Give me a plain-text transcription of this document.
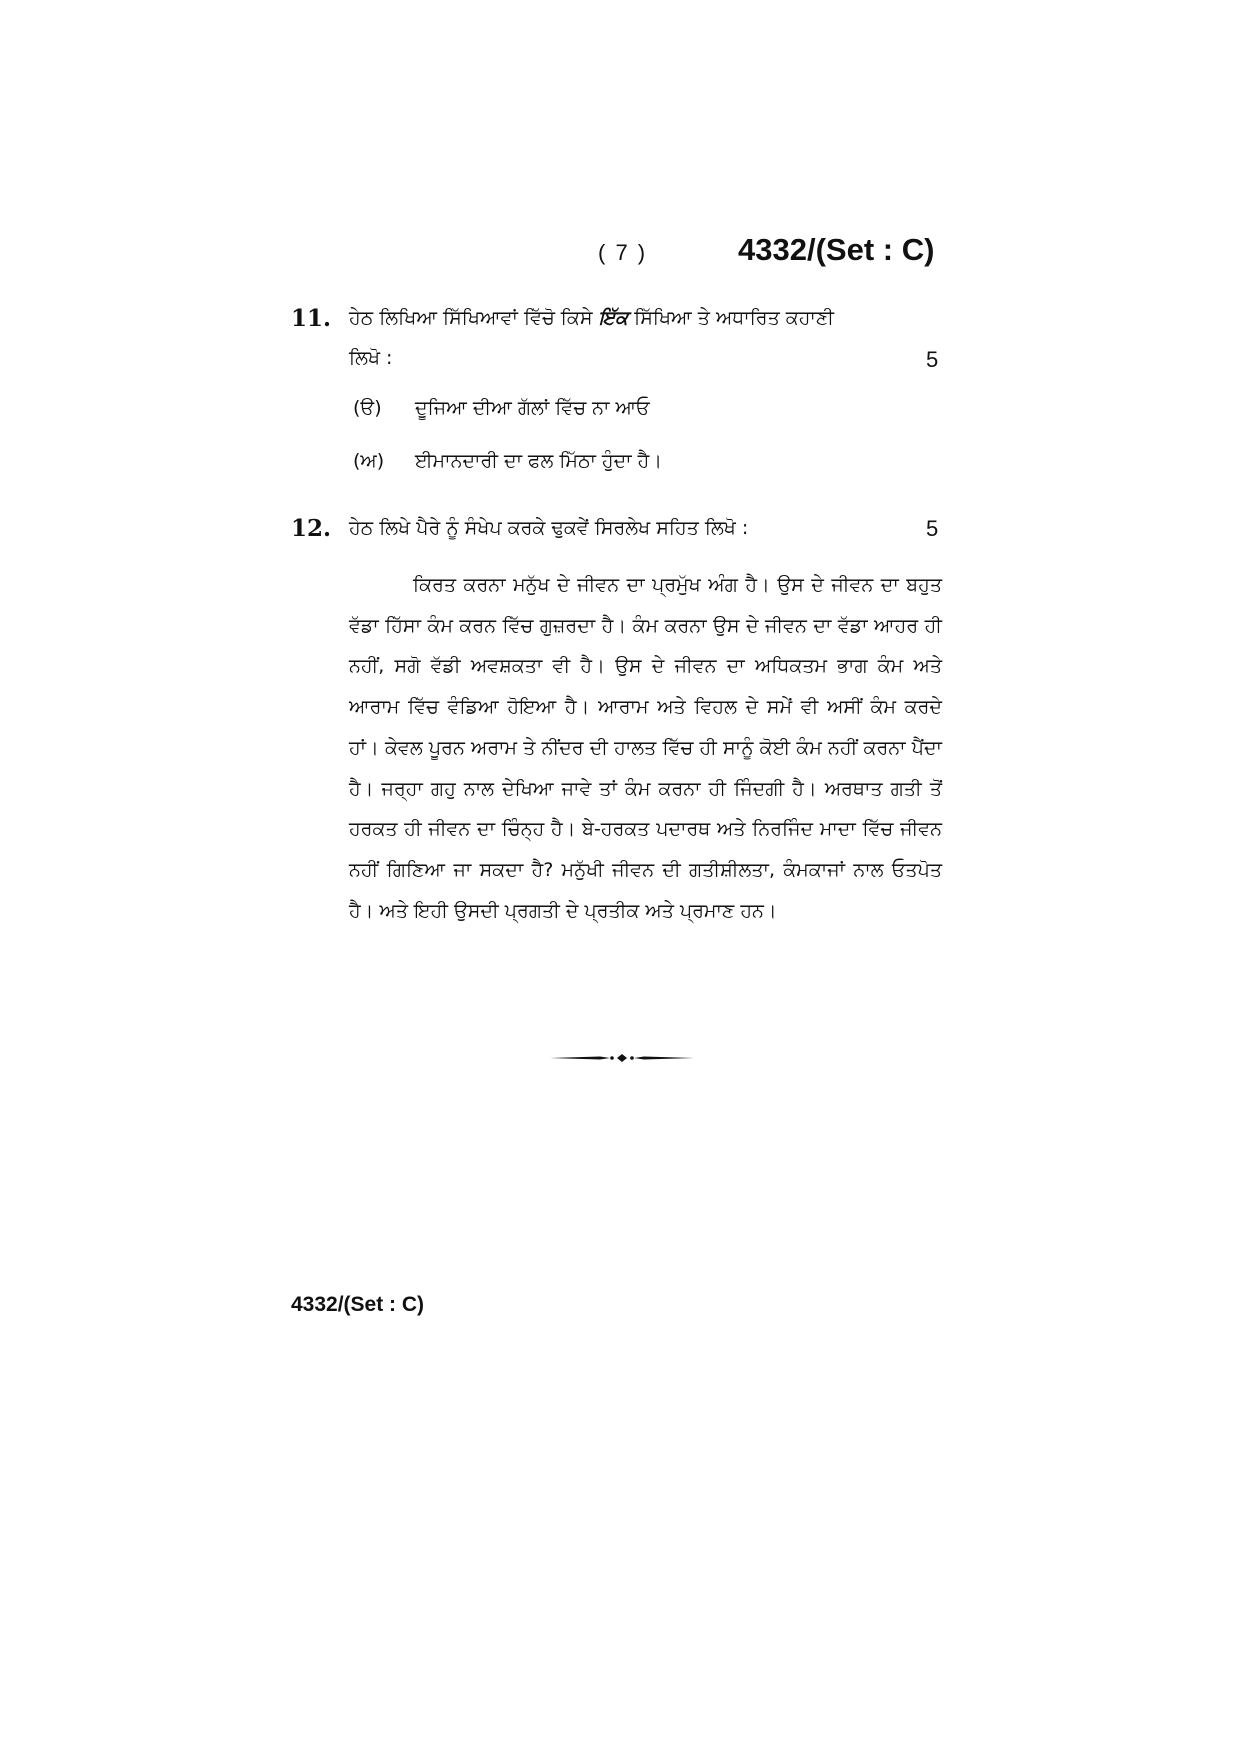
( 7 )	4332/(Set : C)
11. ਹੇਠ ਲਿਖਿਆ ਸਿੱਖਿਆਵਾਂ ਵਿੱਚੋ ਕਿਸੇ ਇੱਕ ਸਿੱਖਿਆ ਤੇ ਅਧਾਰਿਤ ਕਹਾਣੀ
ਲਿਖੋ :	5
(ੳ) ਦੂਜਿਆ ਦੀਆ ਗੱਲਾਂ ਵਿੱਚ ਨਾ ਆਓ
(ਅ) ਈਮਾਨਦਾਰੀ ਦਾ ਫਲ ਮਿੱਠਾ ਹੁੰਦਾ ਹੈ।
12. ਹੇਠ ਲਿਖੇ ਪੈਰੇ ਨੂੰ ਸੰਖੇਪ ਕਰਕੇ ਢੁਕਵੇਂ ਸਿਰਲੇਖ ਸਹਿਤ ਲਿਖੋ :	5
ਕਿਰਤ ਕਰਨਾ ਮਨੁੱਖ ਦੇ ਜੀਵਨ ਦਾ ਪ੍ਰਮੁੱਖ ਅੰਗ ਹੈ। ਉਸ ਦੇ ਜੀਵਨ ਦਾ ਬਹੁਤ ਵੱਡਾ ਹਿੱਸਾ ਕੰਮ ਕਰਨ ਵਿੱਚ ਗੁਜ਼ਰਦਾ ਹੈ। ਕੰਮ ਕਰਨਾ ਉਸ ਦੇ ਜੀਵਨ ਦਾ ਵੱਡਾ ਆਹਰ ਹੀ ਨਹੀਂ, ਸਗੋ ਵੱਡੀ ਅਵਸ਼ਕਤਾ ਵੀ ਹੈ। ਉਸ ਦੇ ਜੀਵਨ ਦਾ ਅਧਿਕਤਮ ਭਾਗ ਕੰਮ ਅਤੇ ਆਰਾਮ ਵਿੱਚ ਵੰਡਿਆ ਹੋਇਆ ਹੈ। ਆਰਾਮ ਅਤੇ ਵਿਹਲ ਦੇ ਸਮੇਂ ਵੀ ਅਸੀਂ ਕੰਮ ਕਰਦੇ ਹਾਂ। ਕੇਵਲ ਪੂਰਨ ਅਰਾਮ ਤੇ ਨੀਂਦਰ ਦੀ ਹਾਲਤ ਵਿੱਚ ਹੀ ਸਾਨੂੰ ਕੋਈ ਕੰਮ ਨਹੀਂ ਕਰਨਾ ਪੈਂਦਾ ਹੈ। ਜਰ੍ਹਾ ਗਹੁ ਨਾਲ ਦੇਖਿਆ ਜਾਵੇ ਤਾਂ ਕੰਮ ਕਰਨਾ ਹੀ ਜਿੰਦਗੀ ਹੈ। ਅਰਥਾਤ ਗਤੀ ਤੋਂ ਹਰਕਤ ਹੀ ਜੀਵਨ ਦਾ ਚਿੰਨ੍ਹ ਹੈ। ਬੇ-ਹਰਕਤ ਪਦਾਰਥ ਅਤੇ ਨਿਰਜਿੰਦ ਮਾਦਾ ਵਿੱਚ ਜੀਵਨ ਨਹੀਂ ਗਿਣਿਆ ਜਾ ਸਕਦਾ ਹੈ? ਮਨੁੱਖੀ ਜੀਵਨ ਦੀ ਗਤੀਸ਼ੀਲਤਾ, ਕੰਮਕਾਜਾਂ ਨਾਲ ਓਤਪੋਤ ਹੈ। ਅਤੇ ਇਹੀ ਉਸਦੀ ਪ੍ਰਗਤੀ ਦੇ ਪ੍ਰਤੀਕ ਅਤੇ ਪ੍ਰਮਾਣ ਹਨ।
4332/(Set : C)
